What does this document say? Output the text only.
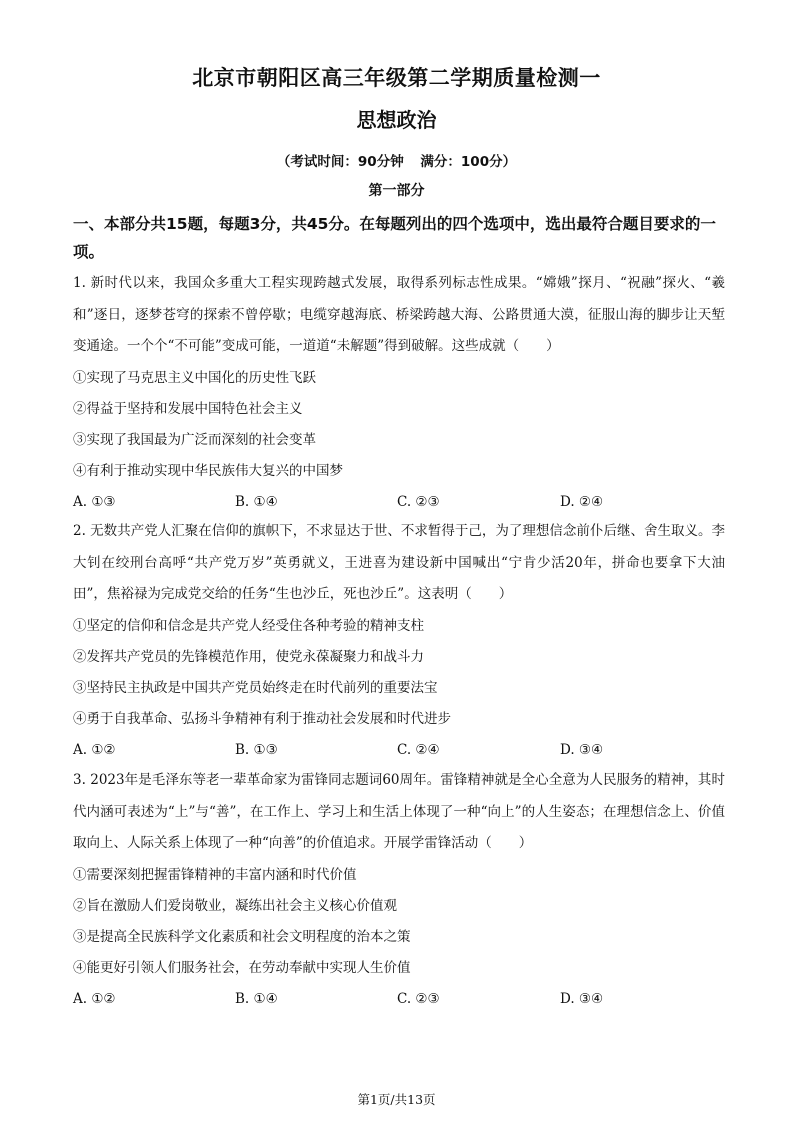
北京市朝阳区高三年级第二学期质量检测一
思想政治
（考试时间：90分钟 满分：100分）
第一部分
一、本部分共15题，每题3分，共45分。在每题列出的四个选项中，选出最符合题目要求的一项。
1. 新时代以来，我国众多重大工程实现跨越式发展，取得系列标志性成果。“嫦娥”探月、“祝融”探火、“羲和”逐日，逐梦苍穹的探索不曾停歇；电缆穿越海底、桥梁跨越大海、公路贯通大漠，征服山海的脚步让天堑变通途。一个个“不可能”变成可能，一道道“未解题”得到破解。这些成就（　　）
①实现了马克思主义中国化的历史性飞跃
②得益于坚持和发展中国特色社会主义
③实现了我国最为广泛而深刻的社会变革
④有利于推动实现中华民族伟大复兴的中国梦
A. ①③	B. ①④	C. ②③	D. ②④
2. 无数共产党人汇聚在信仰的旗帜下，不求显达于世、不求暂得于己，为了理想信念前仆后继、舍生取义。李大钊在绞刑台高呼“共产党万岁”英勇就义，王进喜为建设新中国喊出“宁肯少活20年，拼命也要拿下大油田”，焦裕禄为完成党交给的任务“生也沙丘，死也沙丘”。这表明（　　）
①坚定的信仰和信念是共产党人经受住各种考验的精神支柱
②发挥共产党员的先锋模范作用，使党永葆凝聚力和战斗力
③坚持民主执政是中国共产党员始终走在时代前列的重要法宝
④勇于自我革命、弘扬斗争精神有利于推动社会发展和时代进步
A. ①②	B. ①③	C. ②④	D. ③④
3. 2023年是毛泽东等老一辈革命家为雷锋同志题词60周年。雷锋精神就是全心全意为人民服务的精神，其时代内涵可表述为“上”与“善”，在工作上、学习上和生活上体现了一种“向上”的人生姿态；在理想信念上、价值取向上、人际关系上体现了一种“向善”的价值追求。开展学雷锋活动（　　）
①需要深刻把握雷锋精神的丰富内涵和时代价值
②旨在激励人们爱岗敬业，凝练出社会主义核心价值观
③是提高全民族科学文化素质和社会文明程度的治本之策
④能更好引领人们服务社会，在劳动奉献中实现人生价值
A. ①②	B. ①④	C. ②③	D. ③④
第1页/共13页
